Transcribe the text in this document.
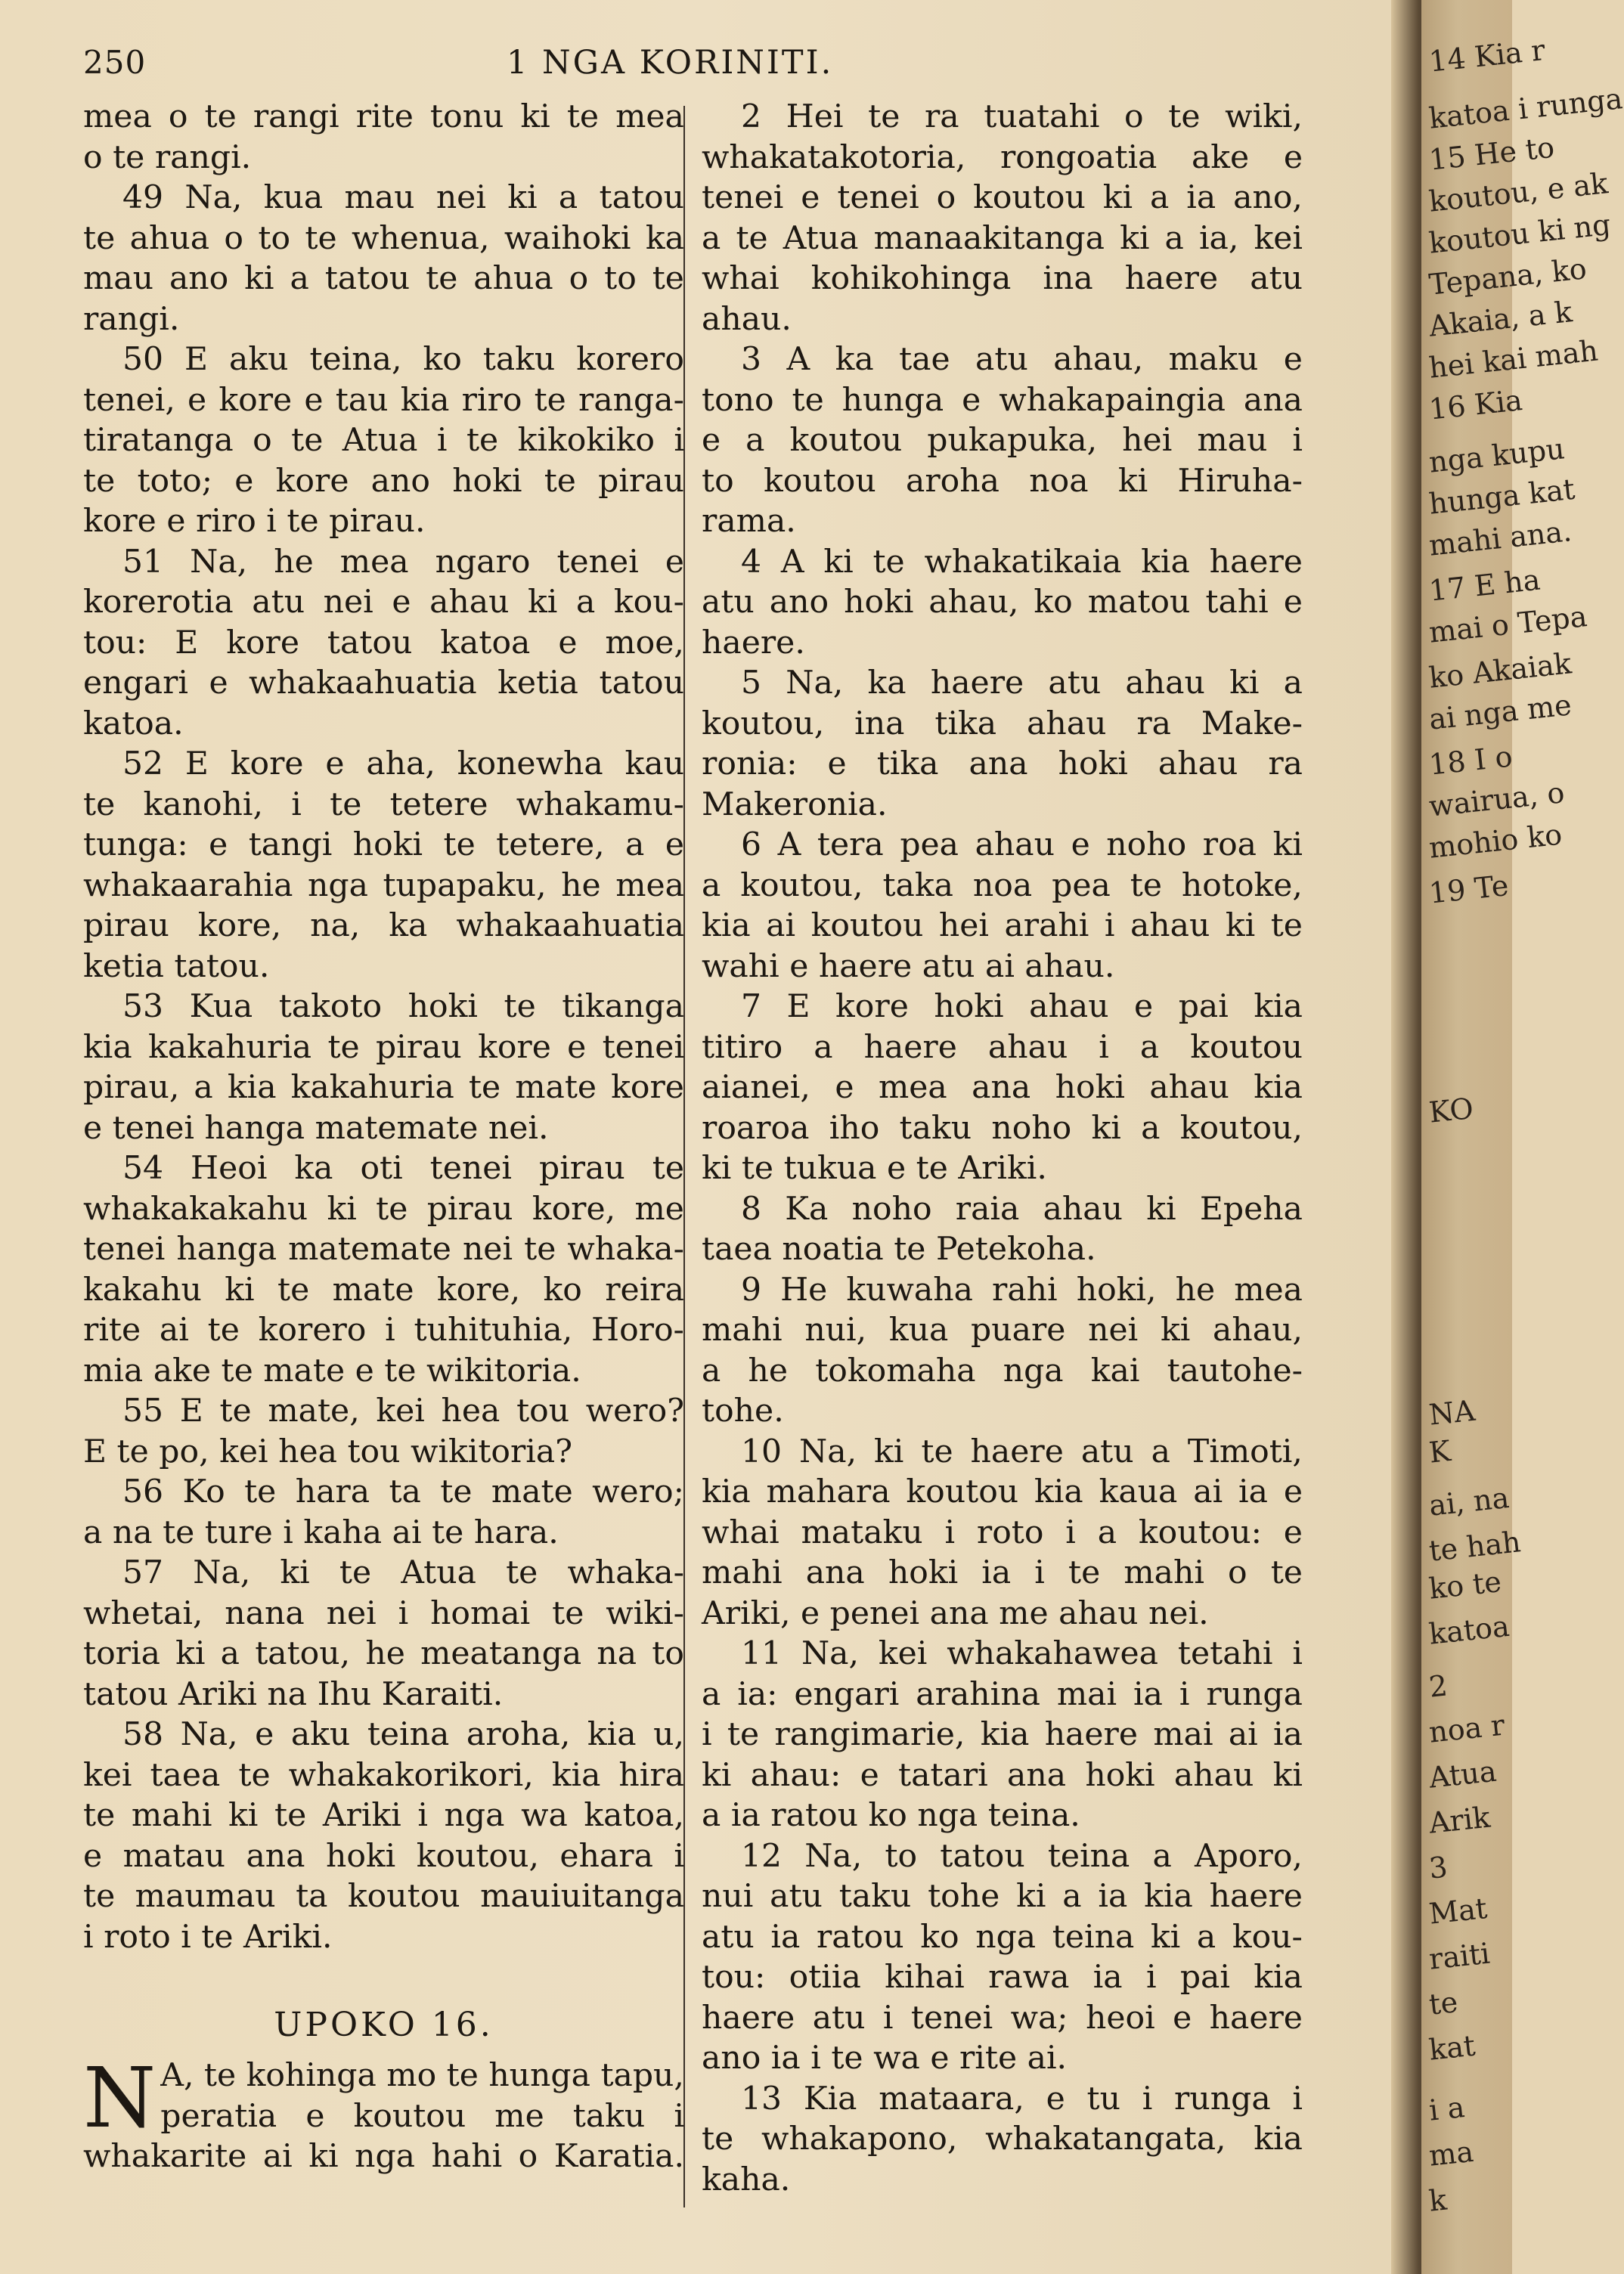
250	1 NGA KORINITI.
mea o te rangi rite tonu ki te mea
o te rangi.
49 Na, kua mau nei ki a tatou
te ahua o to te whenua, waihoki ka
mau ano ki a tatou te ahua o to te
rangi.
50 E aku teina, ko taku korero
tenei, e kore e tau kia riro te ranga-
tiratanga o te Atua i te kikokiko i
te toto; e kore ano hoki te pirau
kore e riro i te pirau.
51 Na, he mea ngaro tenei e
korerotia atu nei e ahau ki a kou-
tou: E kore tatou katoa e moe,
engari e whakaahuatia ketia tatou
katoa.
52 E kore e aha, konewha kau
te kanohi, i te tetere whakamu-
tunga: e tangi hoki te tetere, a e
whakaarahia nga tupapaku, he mea
pirau kore, na, ka whakaahuatia
ketia tatou.
53 Kua takoto hoki te tikanga
kia kakahuria te pirau kore e tenei
pirau, a kia kakahuria te mate kore
e tenei hanga matemate nei.
54 Heoi ka oti tenei pirau te
whakakakahu ki te pirau kore, me
tenei hanga matemate nei te whaka-
kakahu ki te mate kore, ko reira
rite ai te korero i tuhituhia, Horo-
mia ake te mate e te wikitoria.
55 E te mate, kei hea tou wero?
E te po, kei hea tou wikitoria?
56 Ko te hara ta te mate wero;
a na te ture i kaha ai te hara.
57 Na, ki te Atua te whaka-
whetai, nana nei i homai te wiki-
toria ki a tatou, he meatanga na to
tatou Ariki na Ihu Karaiti.
58 Na, e aku teina aroha, kia u,
kei taea te whakakorikori, kia hira
te mahi ki te Ariki i nga wa katoa,
e matau ana hoki koutou, ehara i
te maumau ta koutou mauiuitanga
i roto i te Ariki.
UPOKO 16.
N A, te kohinga mo te hunga tapu,
peratia e koutou me taku i
whakarite ai ki nga hahi o Karatia.
2 Hei te ra tuatahi o te wiki,
whakatakotoria, rongoatia ake e
tenei e tenei o koutou ki a ia ano,
a te Atua manaakitanga ki a ia, kei
whai kohikohinga ina haere atu
ahau.
3 A ka tae atu ahau, maku e
tono te hunga e whakapaingia ana
e a koutou pukapuka, hei mau i
to koutou aroha noa ki Hiruha-
rama.
4 A ki te whakatikaia kia haere
atu ano hoki ahau, ko matou tahi e
haere.
5 Na, ka haere atu ahau ki a
koutou, ina tika ahau ra Make-
ronia: e tika ana hoki ahau ra
Makeronia.
6 A tera pea ahau e noho roa ki
a koutou, taka noa pea te hotoke,
kia ai koutou hei arahi i ahau ki te
wahi e haere atu ai ahau.
7 E kore hoki ahau e pai kia
titiro a haere ahau i a koutou
aianei, e mea ana hoki ahau kia
roaroa iho taku noho ki a koutou,
ki te tukua e te Ariki.
8 Ka noho raia ahau ki Epeha
taea noatia te Petekoha.
9 He kuwaha rahi hoki, he mea
mahi nui, kua puare nei ki ahau,
a he tokomaha nga kai tautohe-
tohe.
10 Na, ki te haere atu a Timoti,
kia mahara koutou kia kaua ai ia e
whai mataku i roto i a koutou: e
mahi ana hoki ia i te mahi o te
Ariki, e penei ana me ahau nei.
11 Na, kei whakahawea tetahi i
a ia: engari arahina mai ia i runga
i te rangimarie, kia haere mai ai ia
ki ahau: e tatari ana hoki ahau ki
a ia ratou ko nga teina.
12 Na, to tatou teina a Aporo,
nui atu taku tohe ki a ia kia haere
atu ia ratou ko nga teina ki a kou-
tou: otiia kihai rawa ia i pai kia
haere atu i tenei wa; heoi e haere
ano ia i te wa e rite ai.
13 Kia mataara, e tu i runga i
te whakapono, whakatangata, kia
kaha.
14 Kia r
katoa i runga
15 He to
koutou, e ak
koutou ki ng
Tepana, ko
Akaia, a k
hei kai mah
16 Kia
nga kupu
hunga kat
mahi ana.
17 E ha
mai o Tepa
ko Akaiak
ai nga me
18 I o
wairua, o
mohio ko
19 Te
KO
NA
K
ai, na
te hah
ko te
katoa
2
noa r
Atua
Arik
3
Mat
raiti
te
kat
i a
ma
k
